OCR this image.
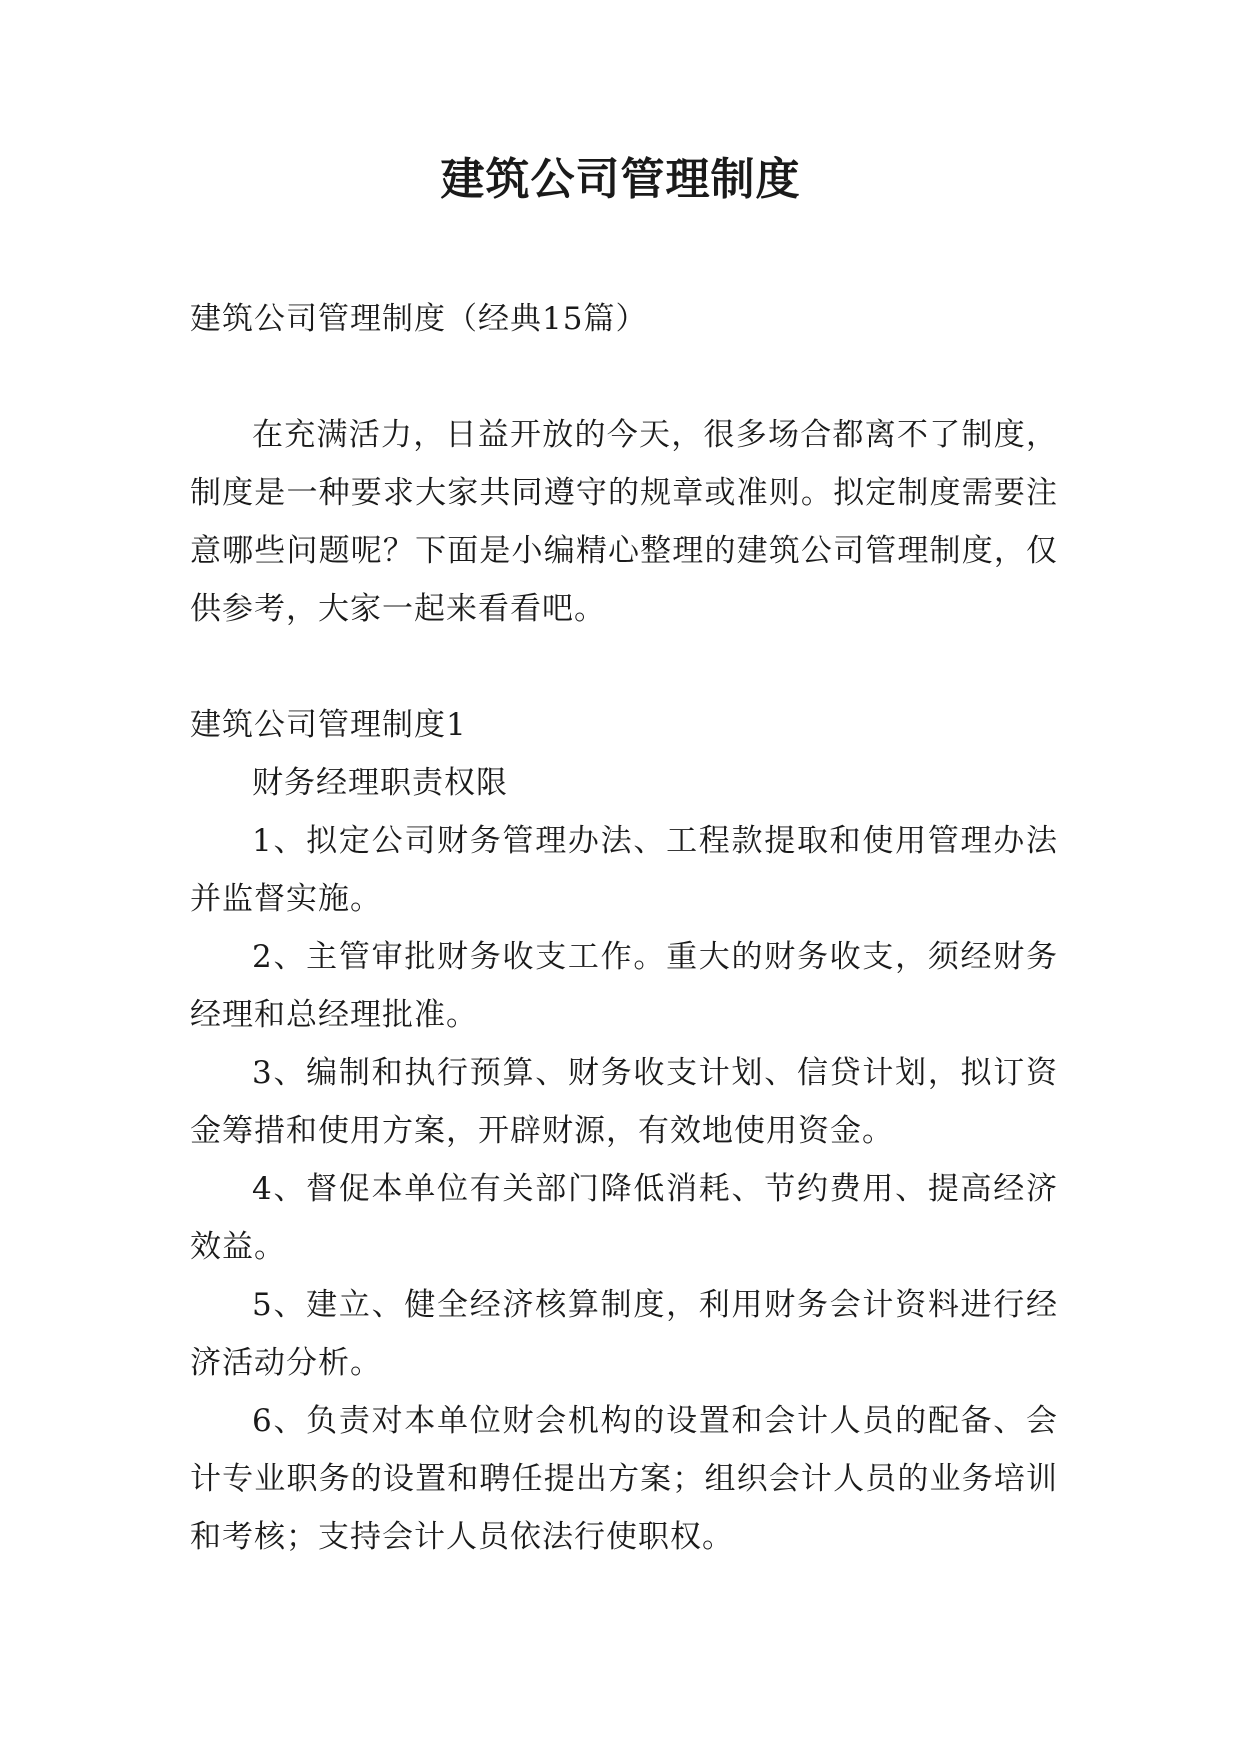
建筑公司管理制度

建筑公司管理制度（经典15篇）

在充满活力，日益开放的今天，很多场合都离不了制度，制度是一种要求大家共同遵守的规章或准则。拟定制度需要注意哪些问题呢？下面是小编精心整理的建筑公司管理制度，仅供参考，大家一起来看看吧。

建筑公司管理制度1

财务经理职责权限

1、拟定公司财务管理办法、工程款提取和使用管理办法并监督实施。

2、主管审批财务收支工作。重大的财务收支，须经财务经理和总经理批准。

3、编制和执行预算、财务收支计划、信贷计划，拟订资金筹措和使用方案，开辟财源，有效地使用资金。

4、督促本单位有关部门降低消耗、节约费用、提高经济效益。

5、建立、健全经济核算制度，利用财务会计资料进行经济活动分析。

6、负责对本单位财会机构的设置和会计人员的配备、会计专业职务的设置和聘任提出方案；组织会计人员的业务培训和考核；支持会计人员依法行使职权。
